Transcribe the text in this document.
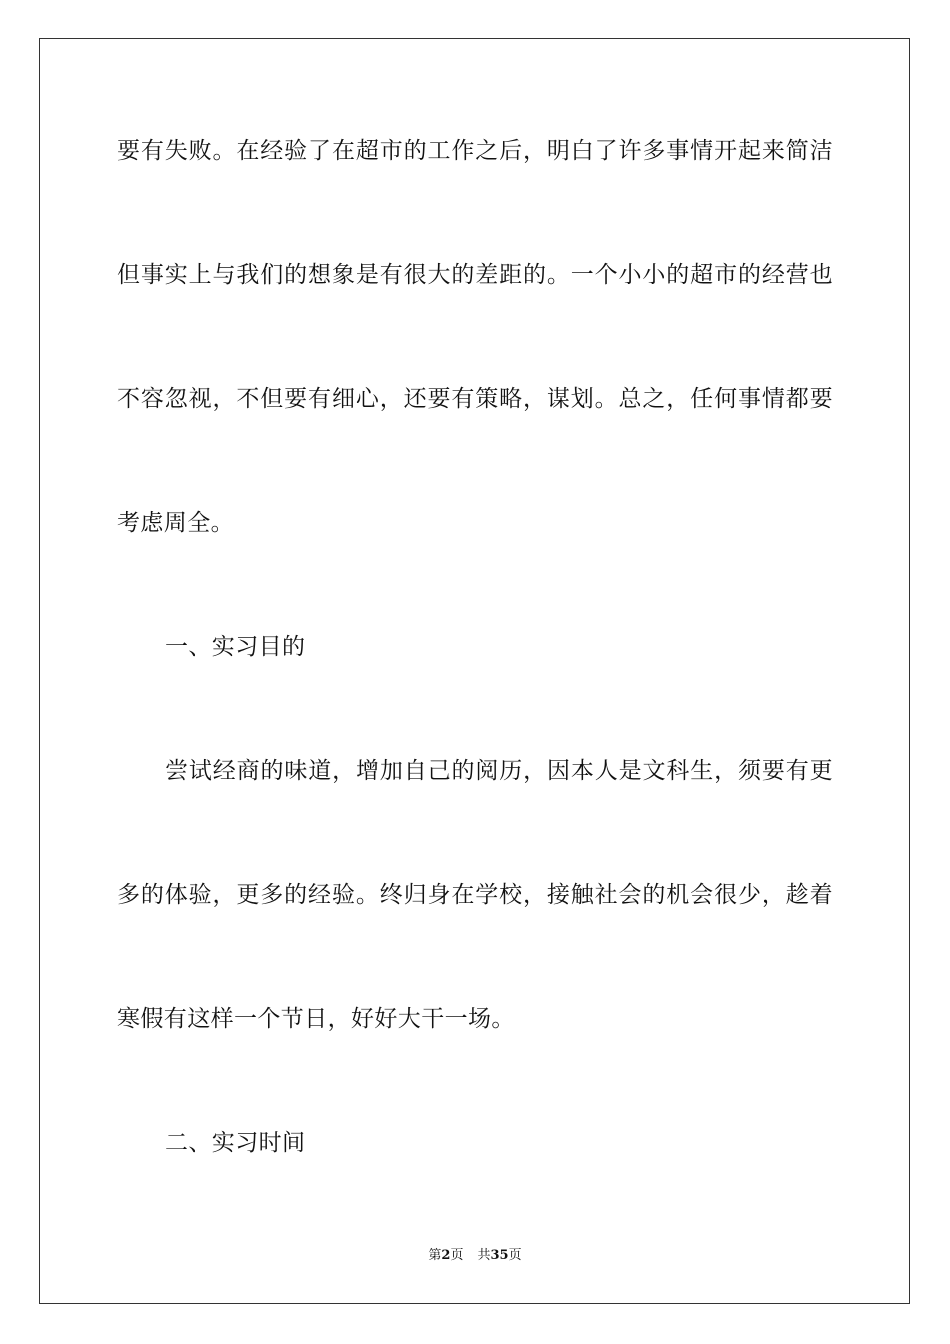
要有失败。在经验了在超市的工作之后，明白了许多事情开起来简洁
但事实上与我们的想象是有很大的差距的。一个小小的超市的经营也
不容忽视，不但要有细心，还要有策略，谋划。总之，任何事情都要
考虑周全。
一、实习目的
尝试经商的味道，增加自己的阅历，因本人是文科生，须要有更
多的体验，更多的经验。终归身在学校，接触社会的机会很少，趁着
寒假有这样一个节日，好好大干一场。
二、实习时间
第2页 共35页
